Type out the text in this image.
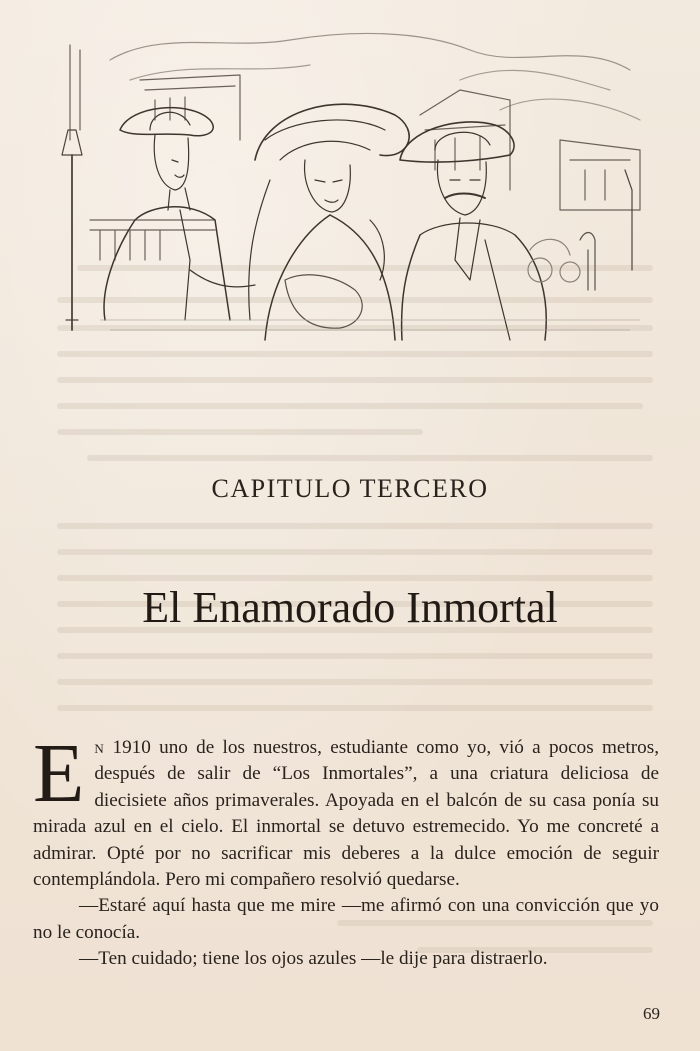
CAPITULO TERCERO
El Enamorado Inmortal

En 1910 uno de los nuestros, estudiante como yo, vió a pocos metros, después de salir de “Los Inmortales”, a una criatura deliciosa de diecisiete años primaverales. Apoyada en el balcón de su casa ponía su mirada azul en el cielo. El inmortal se detuvo estremecido. Yo me concreté a admirar. Opté por no sacrificar mis deberes a la dulce emoción de seguir contemplándola. Pero mi compañero resolvió quedarse.

—Estaré aquí hasta que me mire —me afirmó con una convicción que yo no le conocía.

—Ten cuidado; tiene los ojos azules —le dije para distraerlo.

69
